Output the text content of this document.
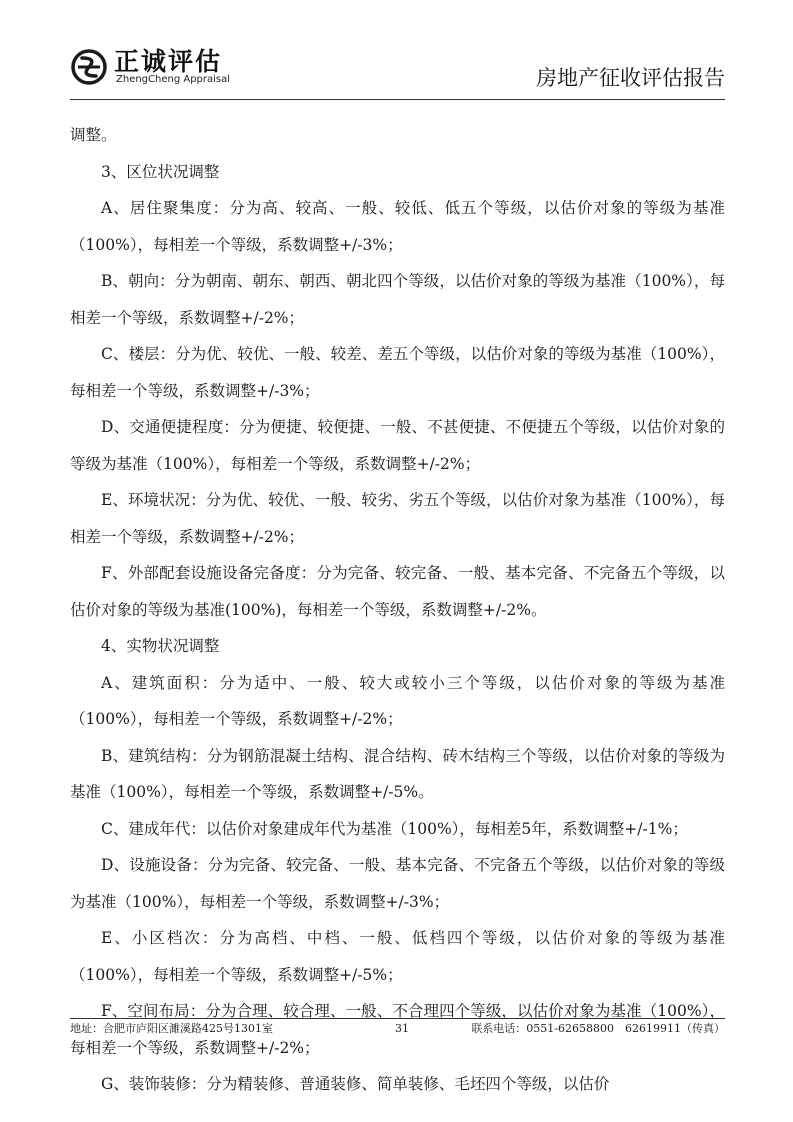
正诚评估
ZhengCheng Appraisal	房地产征收评估报告

调整。

3、区位状况调整

A、居住聚集度：分为高、较高、一般、较低、低五个等级，以估价对象的等级为基准（100%），每相差一个等级，系数调整+/-3%；

B、朝向：分为朝南、朝东、朝西、朝北四个等级，以估价对象的等级为基准（100%），每相差一个等级，系数调整+/-2%；

C、楼层：分为优、较优、一般、较差、差五个等级，以估价对象的等级为基准（100%），每相差一个等级，系数调整+/-3%；

D、交通便捷程度：分为便捷、较便捷、一般、不甚便捷、不便捷五个等级，以估价对象的等级为基准（100%），每相差一个等级，系数调整+/-2%；

E、环境状况：分为优、较优、一般、较劣、劣五个等级，以估价对象为基准（100%），每相差一个等级，系数调整+/-2%；

F、外部配套设施设备完备度：分为完备、较完备、一般、基本完备、不完备五个等级，以估价对象的等级为基准(100%)，每相差一个等级，系数调整+/-2%。

4、实物状况调整

A、建筑面积：分为适中、一般、较大或较小三个等级，以估价对象的等级为基准（100%），每相差一个等级，系数调整+/-2%；

B、建筑结构：分为钢筋混凝土结构、混合结构、砖木结构三个等级，以估价对象的等级为基准（100%），每相差一个等级，系数调整+/-5%。

C、建成年代：以估价对象建成年代为基准（100%），每相差5年，系数调整+/-1%；

D、设施设备：分为完备、较完备、一般、基本完备、不完备五个等级，以估价对象的等级为基准（100%），每相差一个等级，系数调整+/-3%；

E、小区档次：分为高档、中档、一般、低档四个等级，以估价对象的等级为基准（100%），每相差一个等级，系数调整+/-5%；

F、空间布局：分为合理、较合理、一般、不合理四个等级，以估价对象为基准（100%），每相差一个等级，系数调整+/-2%；

G、装饰装修：分为精装修、普通装修、简单装修、毛坯四个等级，以估价

地址：合肥市庐阳区濉溪路425号1301室	31	联系电话：0551-62658800　62619911（传真）
